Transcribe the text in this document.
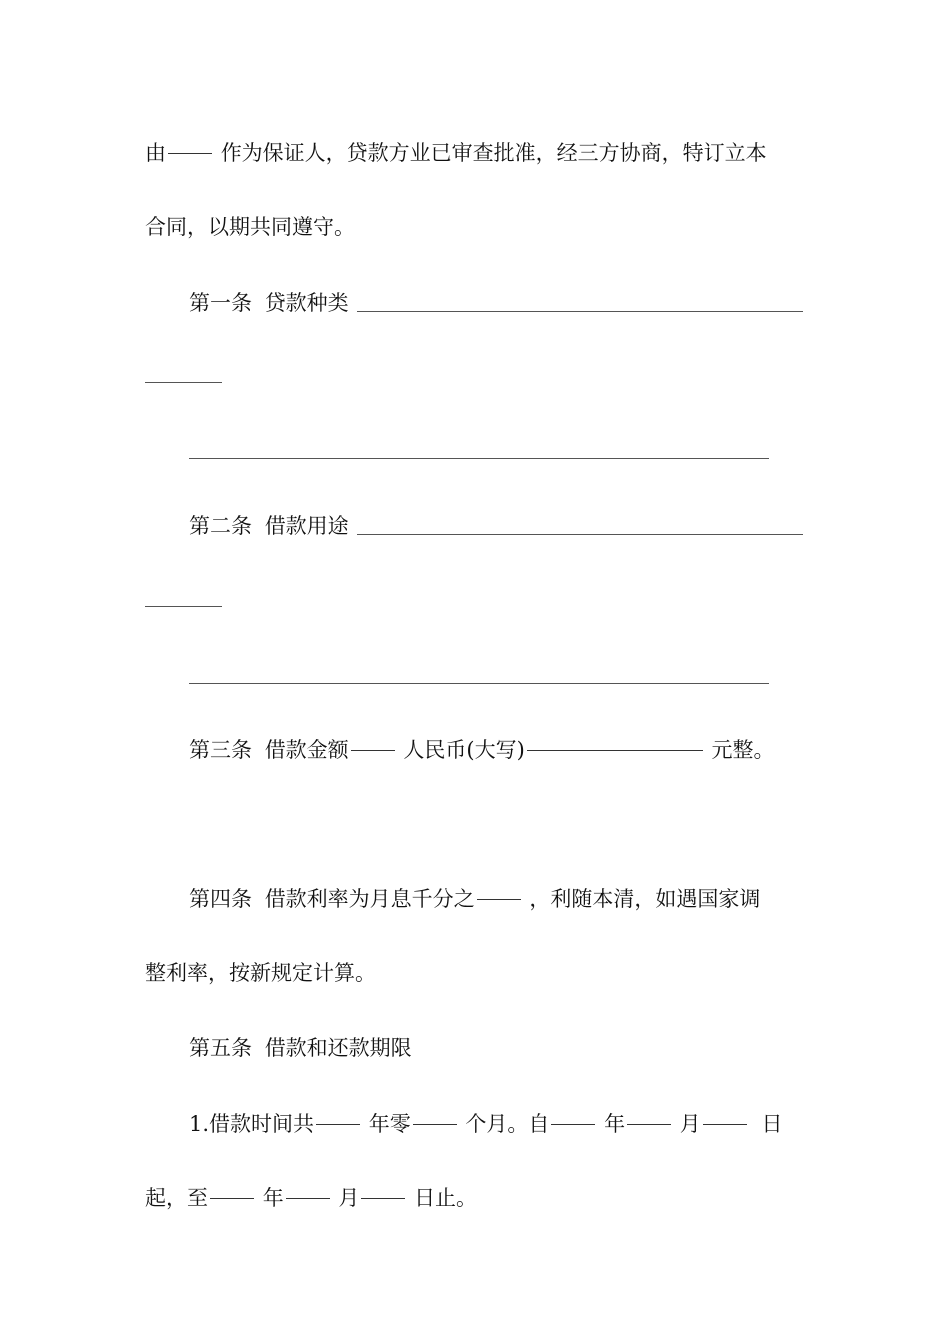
由	作为保证人，贷款方业已审查批准，经三方协商，特订立本
合同，以期共同遵守。
第一条 贷款种类
第二条 借款用途
第三条 借款金额	人民币(大写)	元整。
第四条 借款利率为月息千分之	，利随本清，如遇国家调
整利率，按新规定计算。
第五条 借款和还款期限
1.借款时间共	年零	个月。自	年	月	日
起，至	年	月	日止。
